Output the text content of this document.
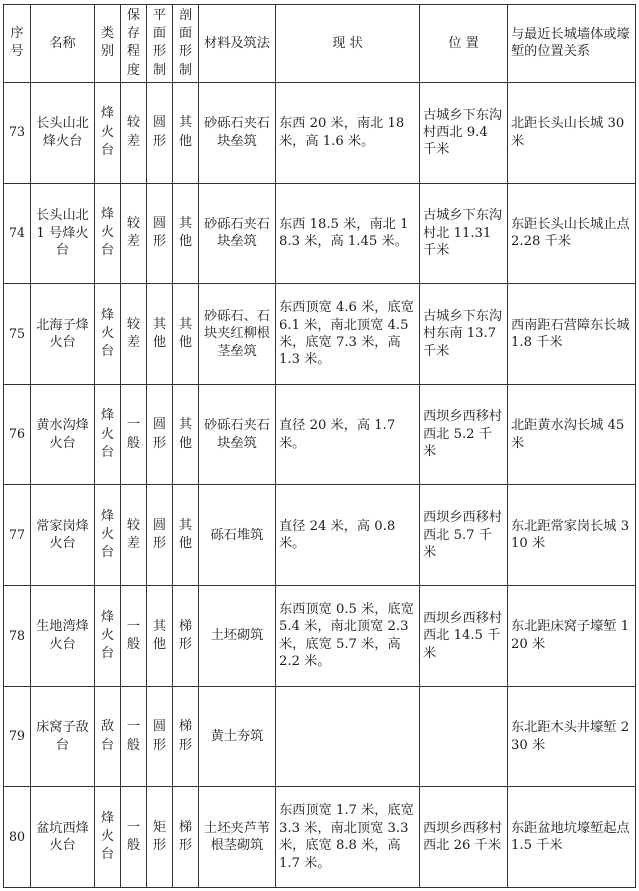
序号	名称	类别	保存程度	平面形制	剖面形制	材料及筑法	现 状	位 置	与最近长城墙体或壕堑的位置关系
73	长头山北烽火台	烽火台	较差	圆形	其他	砂砾石夹石块垒筑	东西 20 米，南北 18 米，高 1.6 米。	古城乡下东沟村西北 9.4 千米	北距长头山长城 30 米
74	长头山北 1 号烽火台	烽火台	较差	圆形	其他	砂砾石夹石块垒筑	东西 18.5 米，南北 18.3 米，高 1.45 米。	古城乡下东沟村北 11.31 千米	东距长头山长城止点 2.28 千米
75	北海子烽火台	烽火台	较差	其他	其他	砂砾石、石块夹红柳根茎垒筑	东西顶宽 4.6 米，底宽 6.1 米，南北顶宽 4.5 米，底宽 7.3 米，高 1.3 米。	古城乡下东沟村东南 13.7 千米	西南距石营障东长城 1.8 千米
76	黄水沟烽火台	烽火台	一般	圆形	其他	砂砾石夹石块垒筑	直径 20 米，高 1.7 米。	西坝乡西移村西北 5.2 千米	北距黄水沟长城 45 米
77	常家岗烽火台	烽火台	较差	圆形	其他	砾石堆筑	直径 24 米，高 0.8 米。	西坝乡西移村西北 5.7 千米	东北距常家岗长城 310 米
78	生地湾烽火台	烽火台	一般	其他	梯形	土坯砌筑	东西顶宽 0.5 米，底宽 5.4 米，南北顶宽 2.3 米，底宽 5.7 米，高 2.2 米。	西坝乡西移村西北 14.5 千米	东北距床窝子壕堑 120 米
79	床窝子敌台	敌台	一般	圆形	梯形	黄土夯筑			东北距木头井壕堑 230 米
80	盆坑西烽火台	烽火台	一般	矩形	梯形	土坯夹芦苇根茎砌筑	东西顶宽 1.7 米，底宽 3.3 米，南北顶宽 3.3 米，底宽 8.8 米，高 1.7 米。	西坝乡西移村西北 26 千米	东距盆地坑壕堑起点 1.5 千米
